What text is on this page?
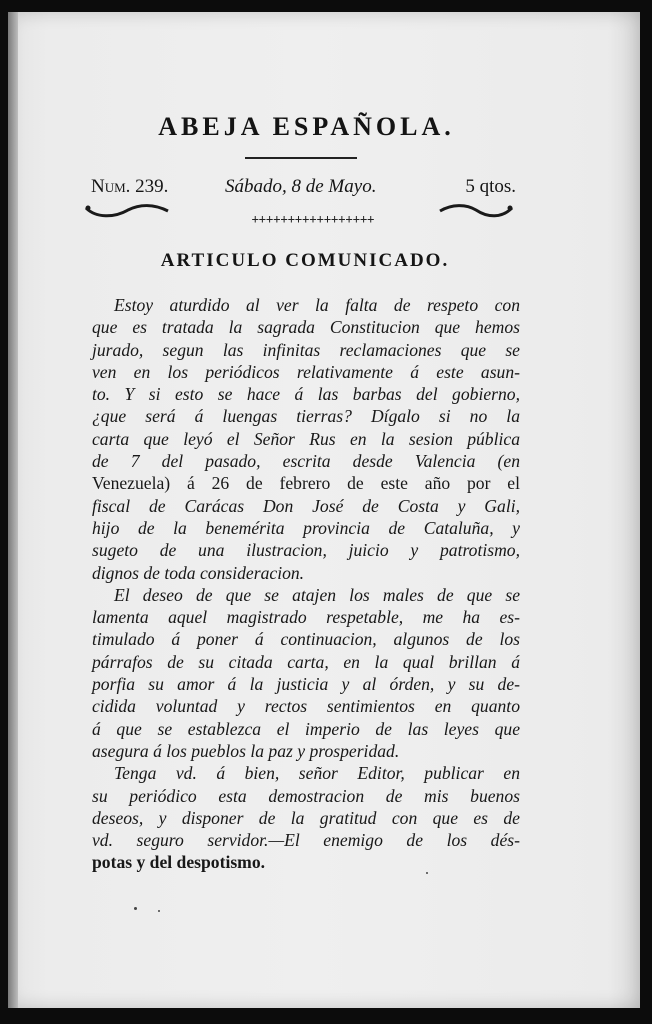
ABEJA ESPAÑOLA.
Num. 239.	Sábado, 8 de Mayo.	5 qtos.
+++++++++++++++++
ARTICULO COMUNICADO.
Estoy aturdido al ver la falta de respeto con
que es tratada la sagrada Constitucion que hemos
jurado, segun las infinitas reclamaciones que se
ven en los periódicos relativamente á este asun-
to. Y si esto se hace á las barbas del gobierno,
¿que será á luengas tierras? Dígalo si no la
carta que leyó el Señor Rus en la sesion pública
de 7 del pasado, escrita desde Valencia (en
Venezuela) á 26 de febrero de este año por el
fiscal de Carácas Don José de Costa y Gali,
hijo de la benemérita provincia de Cataluña, y
sugeto de una ilustracion, juicio y patrotismo,
dignos de toda consideracion.
El deseo de que se atajen los males de que se
lamenta aquel magistrado respetable, me ha es-
timulado á poner á continuacion, algunos de los
párrafos de su citada carta, en la qual brillan á
porfia su amor á la justicia y al órden, y su de-
cidida voluntad y rectos sentimientos en quanto
á que se establezca el imperio de las leyes que
asegura á los pueblos la paz y prosperidad.
Tenga vd. á bien, señor Editor, publicar en
su periódico esta demostracion de mis buenos
deseos, y disponer de la gratitud con que es de
vd. seguro servidor.—El enemigo de los dés-
potas y del despotismo.
